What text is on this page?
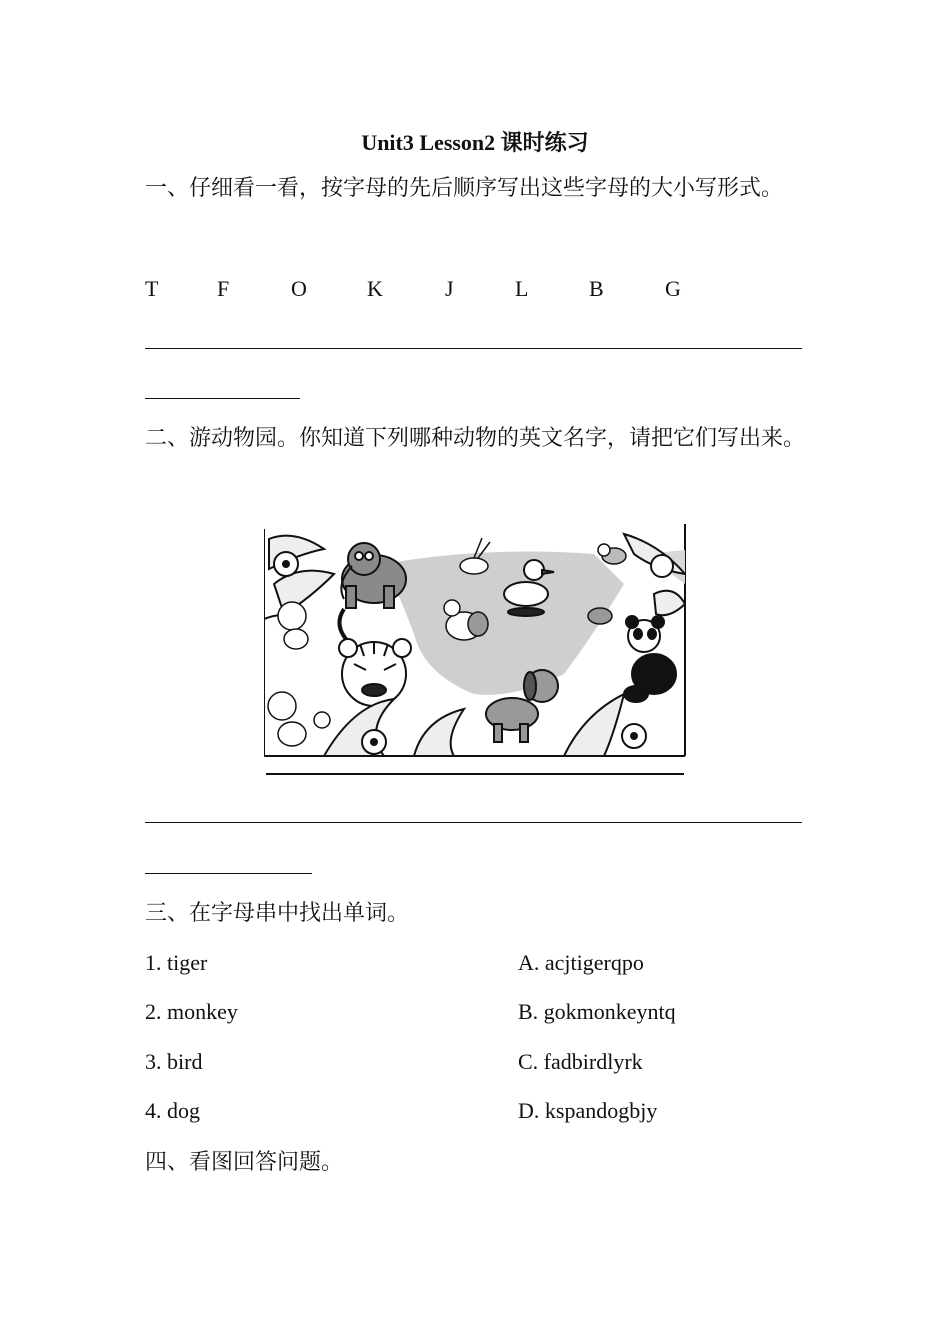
Unit3 Lesson2 课时练习
一、仔细看一看，按字母的先后顺序写出这些字母的大小写形式。
T	F	O	K	J	L	B	G
二、游动物园。你知道下列哪种动物的英文名字，请把它们写出来。
三、在字母串中找出单词。
1. tiger	A. acjtigerqpo
2. monkey	B. gokmonkeyntq
3. bird	C. fadbirdlyrk
4. dog	D. kspandogbjy
四、看图回答问题。
